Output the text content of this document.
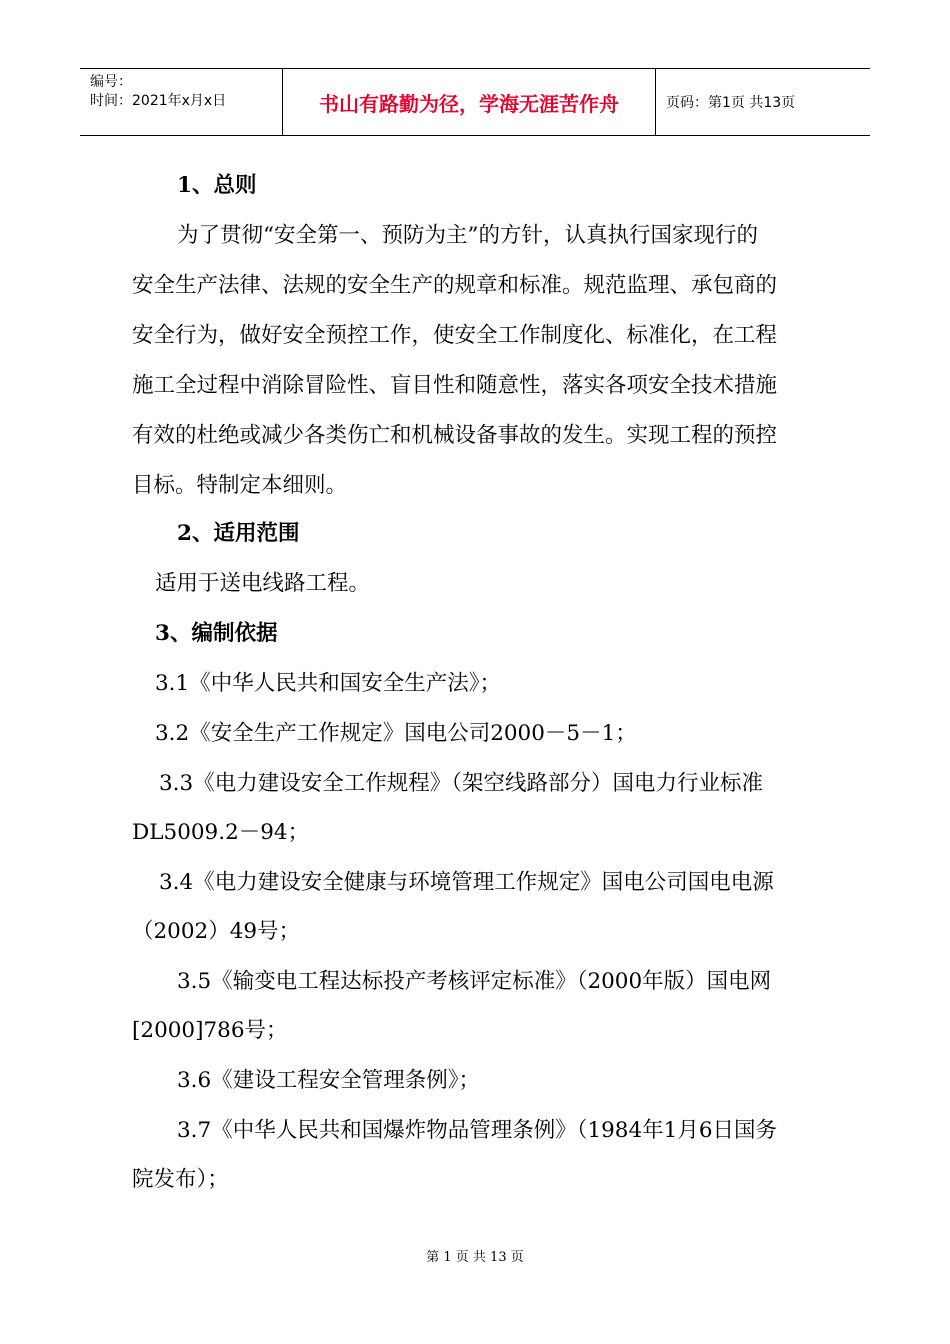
编号：
时间：2021年x月x日	书山有路勤为径，学海无涯苦作舟	页码：第1页 共13页
1、总则
为了贯彻“安全第一、预防为主”的方针，认真执行国家现行的
安全生产法律、法规的安全生产的规章和标准。规范监理、承包商的
安全行为，做好安全预控工作，使安全工作制度化、标准化，在工程
施工全过程中消除冒险性、盲目性和随意性，落实各项安全技术措施
有效的杜绝或减少各类伤亡和机械设备事故的发生。实现工程的预控
目标。特制定本细则。
2、适用范围
适用于送电线路工程。
3、编制依据
3.1《中华人民共和国安全生产法》；
3.2《安全生产工作规定》国电公司2000－5－1；
3.3《电力建设安全工作规程》（架空线路部分）国电力行业标准
DL5009.2－94；
3.4《电力建设安全健康与环境管理工作规定》国电公司国电电源
（2002）49号；
3.5《输变电工程达标投产考核评定标准》（2000年版）国电网
[2000]786号；
3.6《建设工程安全管理条例》；
3.7《中华人民共和国爆炸物品管理条例》（1984年1月6日国务
院发布）；
第 1 页 共 13 页
